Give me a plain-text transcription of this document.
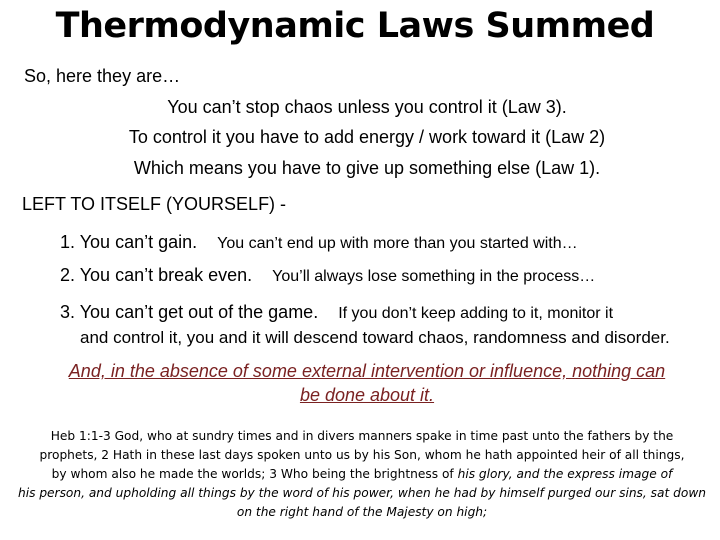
Thermodynamic Laws Summed
So, here they are…
You can’t stop chaos unless you control it (Law 3).
To control it you have to add energy / work toward it (Law 2)
Which means you have to give up something else (Law 1).
LEFT TO ITSELF (YOURSELF) -
1. You can’t gain. You can’t end up with more than you started with…
2. You can’t break even. You’ll always lose something in the process…
3. You can’t get out of the game. If you don’t keep adding to it, monitor it
and control it, you and it will descend toward chaos, randomness and disorder.
And, in the absence of some external intervention or influence, nothing can
be done about it.
Heb 1:1-3 God, who at sundry times and in divers manners spake in time past unto the fathers by the
prophets, 2 Hath in these last days spoken unto us by his Son, whom he hath appointed heir of all things,
by whom also he made the worlds; 3 Who being the brightness of his glory, and the express image of
his person, and upholding all things by the word of his power, when he had by himself purged our sins, sat down on the right hand of the Majesty on high;
